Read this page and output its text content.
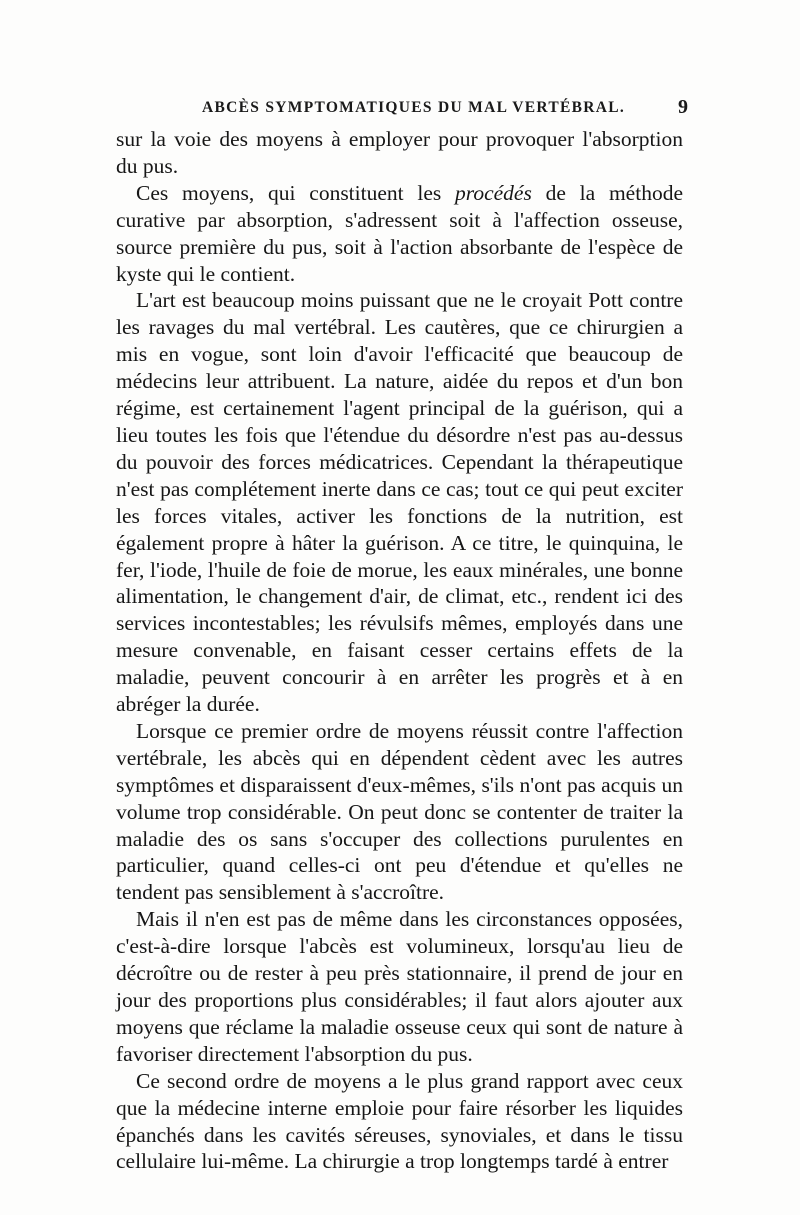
ABCÈS SYMPTOMATIQUES DU MAL VERTÉBRAL.	9

sur la voie des moyens à employer pour provoquer l'absorption du pus.

Ces moyens, qui constituent les procédés de la méthode curative par absorption, s'adressent soit à l'affection osseuse, source première du pus, soit à l'action absorbante de l'espèce de kyste qui le contient.

L'art est beaucoup moins puissant que ne le croyait Pott contre les ravages du mal vertébral. Les cautères, que ce chirurgien a mis en vogue, sont loin d'avoir l'efficacité que beaucoup de médecins leur attribuent. La nature, aidée du repos et d'un bon régime, est certainement l'agent principal de la guérison, qui a lieu toutes les fois que l'étendue du désordre n'est pas au-dessus du pouvoir des forces médicatrices. Cependant la thérapeutique n'est pas complétement inerte dans ce cas; tout ce qui peut exciter les forces vitales, activer les fonctions de la nutrition, est également propre à hâter la guérison. A ce titre, le quinquina, le fer, l'iode, l'huile de foie de morue, les eaux minérales, une bonne alimentation, le changement d'air, de climat, etc., rendent ici des services incontestables; les révulsifs mêmes, employés dans une mesure convenable, en faisant cesser certains effets de la maladie, peuvent concourir à en arrêter les progrès et à en abréger la durée.

Lorsque ce premier ordre de moyens réussit contre l'affection vertébrale, les abcès qui en dépendent cèdent avec les autres symptômes et disparaissent d'eux-mêmes, s'ils n'ont pas acquis un volume trop considérable. On peut donc se contenter de traiter la maladie des os sans s'occuper des collections purulentes en particulier, quand celles-ci ont peu d'étendue et qu'elles ne tendent pas sensiblement à s'accroître.

Mais il n'en est pas de même dans les circonstances opposées, c'est-à-dire lorsque l'abcès est volumineux, lorsqu'au lieu de décroître ou de rester à peu près stationnaire, il prend de jour en jour des proportions plus considérables; il faut alors ajouter aux moyens que réclame la maladie osseuse ceux qui sont de nature à favoriser directement l'absorption du pus.

Ce second ordre de moyens a le plus grand rapport avec ceux que la médecine interne emploie pour faire résorber les liquides épanchés dans les cavités séreuses, synoviales, et dans le tissu cellulaire lui-même. La chirurgie a trop longtemps tardé à entrer
